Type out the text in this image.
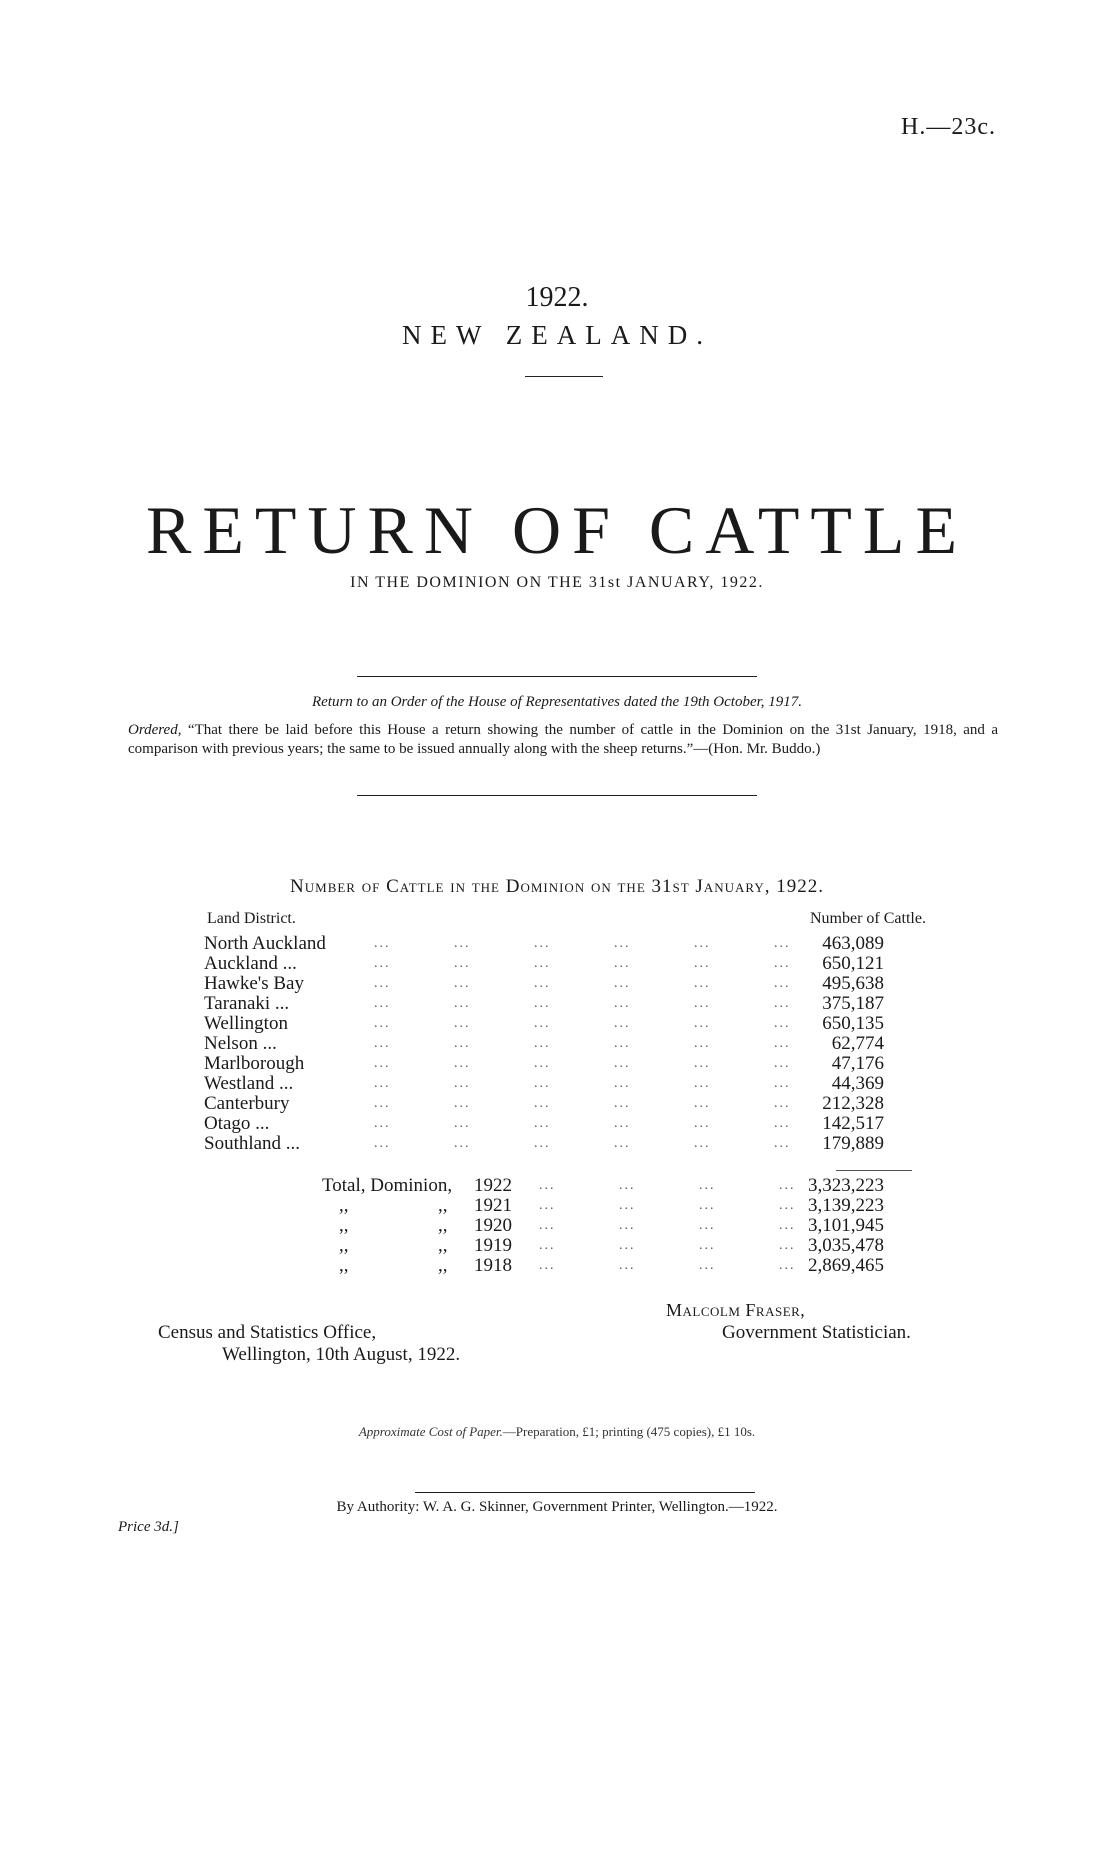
H.—23c.
1922.
NEW ZEALAND.
RETURN OF CATTLE
IN THE DOMINION ON THE 31st JANUARY, 1922.
Return to an Order of the House of Representatives dated the 19th October, 1917.
Ordered, “That there be laid before this House a return showing the number of cattle in the Dominion on the 31st January, 1918, and a comparison with previous years; the same to be issued annually along with the sheep returns.”—(Hon. Mr. Buddo.)
Number of Cattle in the Dominion on the 31st January, 1922.
Land District.	Number of Cattle.
North Auckland	...	...	...	...	...	...	463,089
Auckland ...	...	...	...	...	...	...	650,121
Hawke's Bay	...	...	...	...	...	...	495,638
Taranaki ...	...	...	...	...	...	...	375,187
Wellington	...	...	...	...	...	...	650,135
Nelson ...	...	...	...	...	...	...	62,774
Marlborough	...	...	...	...	...	...	47,176
Westland ...	...	...	...	...	...	...	44,369
Canterbury	...	...	...	...	...	...	212,328
Otago ...	...	...	...	...	...	...	142,517
Southland ...	...	...	...	...	...	...	179,889
Total, Dominion, 1922 ...	...	...	... 3,323,223
,,  ,, 1921 ...	...	...	... 3,139,223
,,  ,, 1920 ...	...	...	... 3,101,945
,,  ,, 1919 ...	...	...	... 3,035,478
,,  ,, 1918 ...	...	...	... 2,869,465
Malcolm Fraser,
Government Statistician.
Census and Statistics Office,
Wellington, 10th August, 1922.
Approximate Cost of Paper.—Preparation, £1; printing (475 copies), £1 10s.
By Authority: W. A. G. Skinner, Government Printer, Wellington.—1922.
Price 3d.]
